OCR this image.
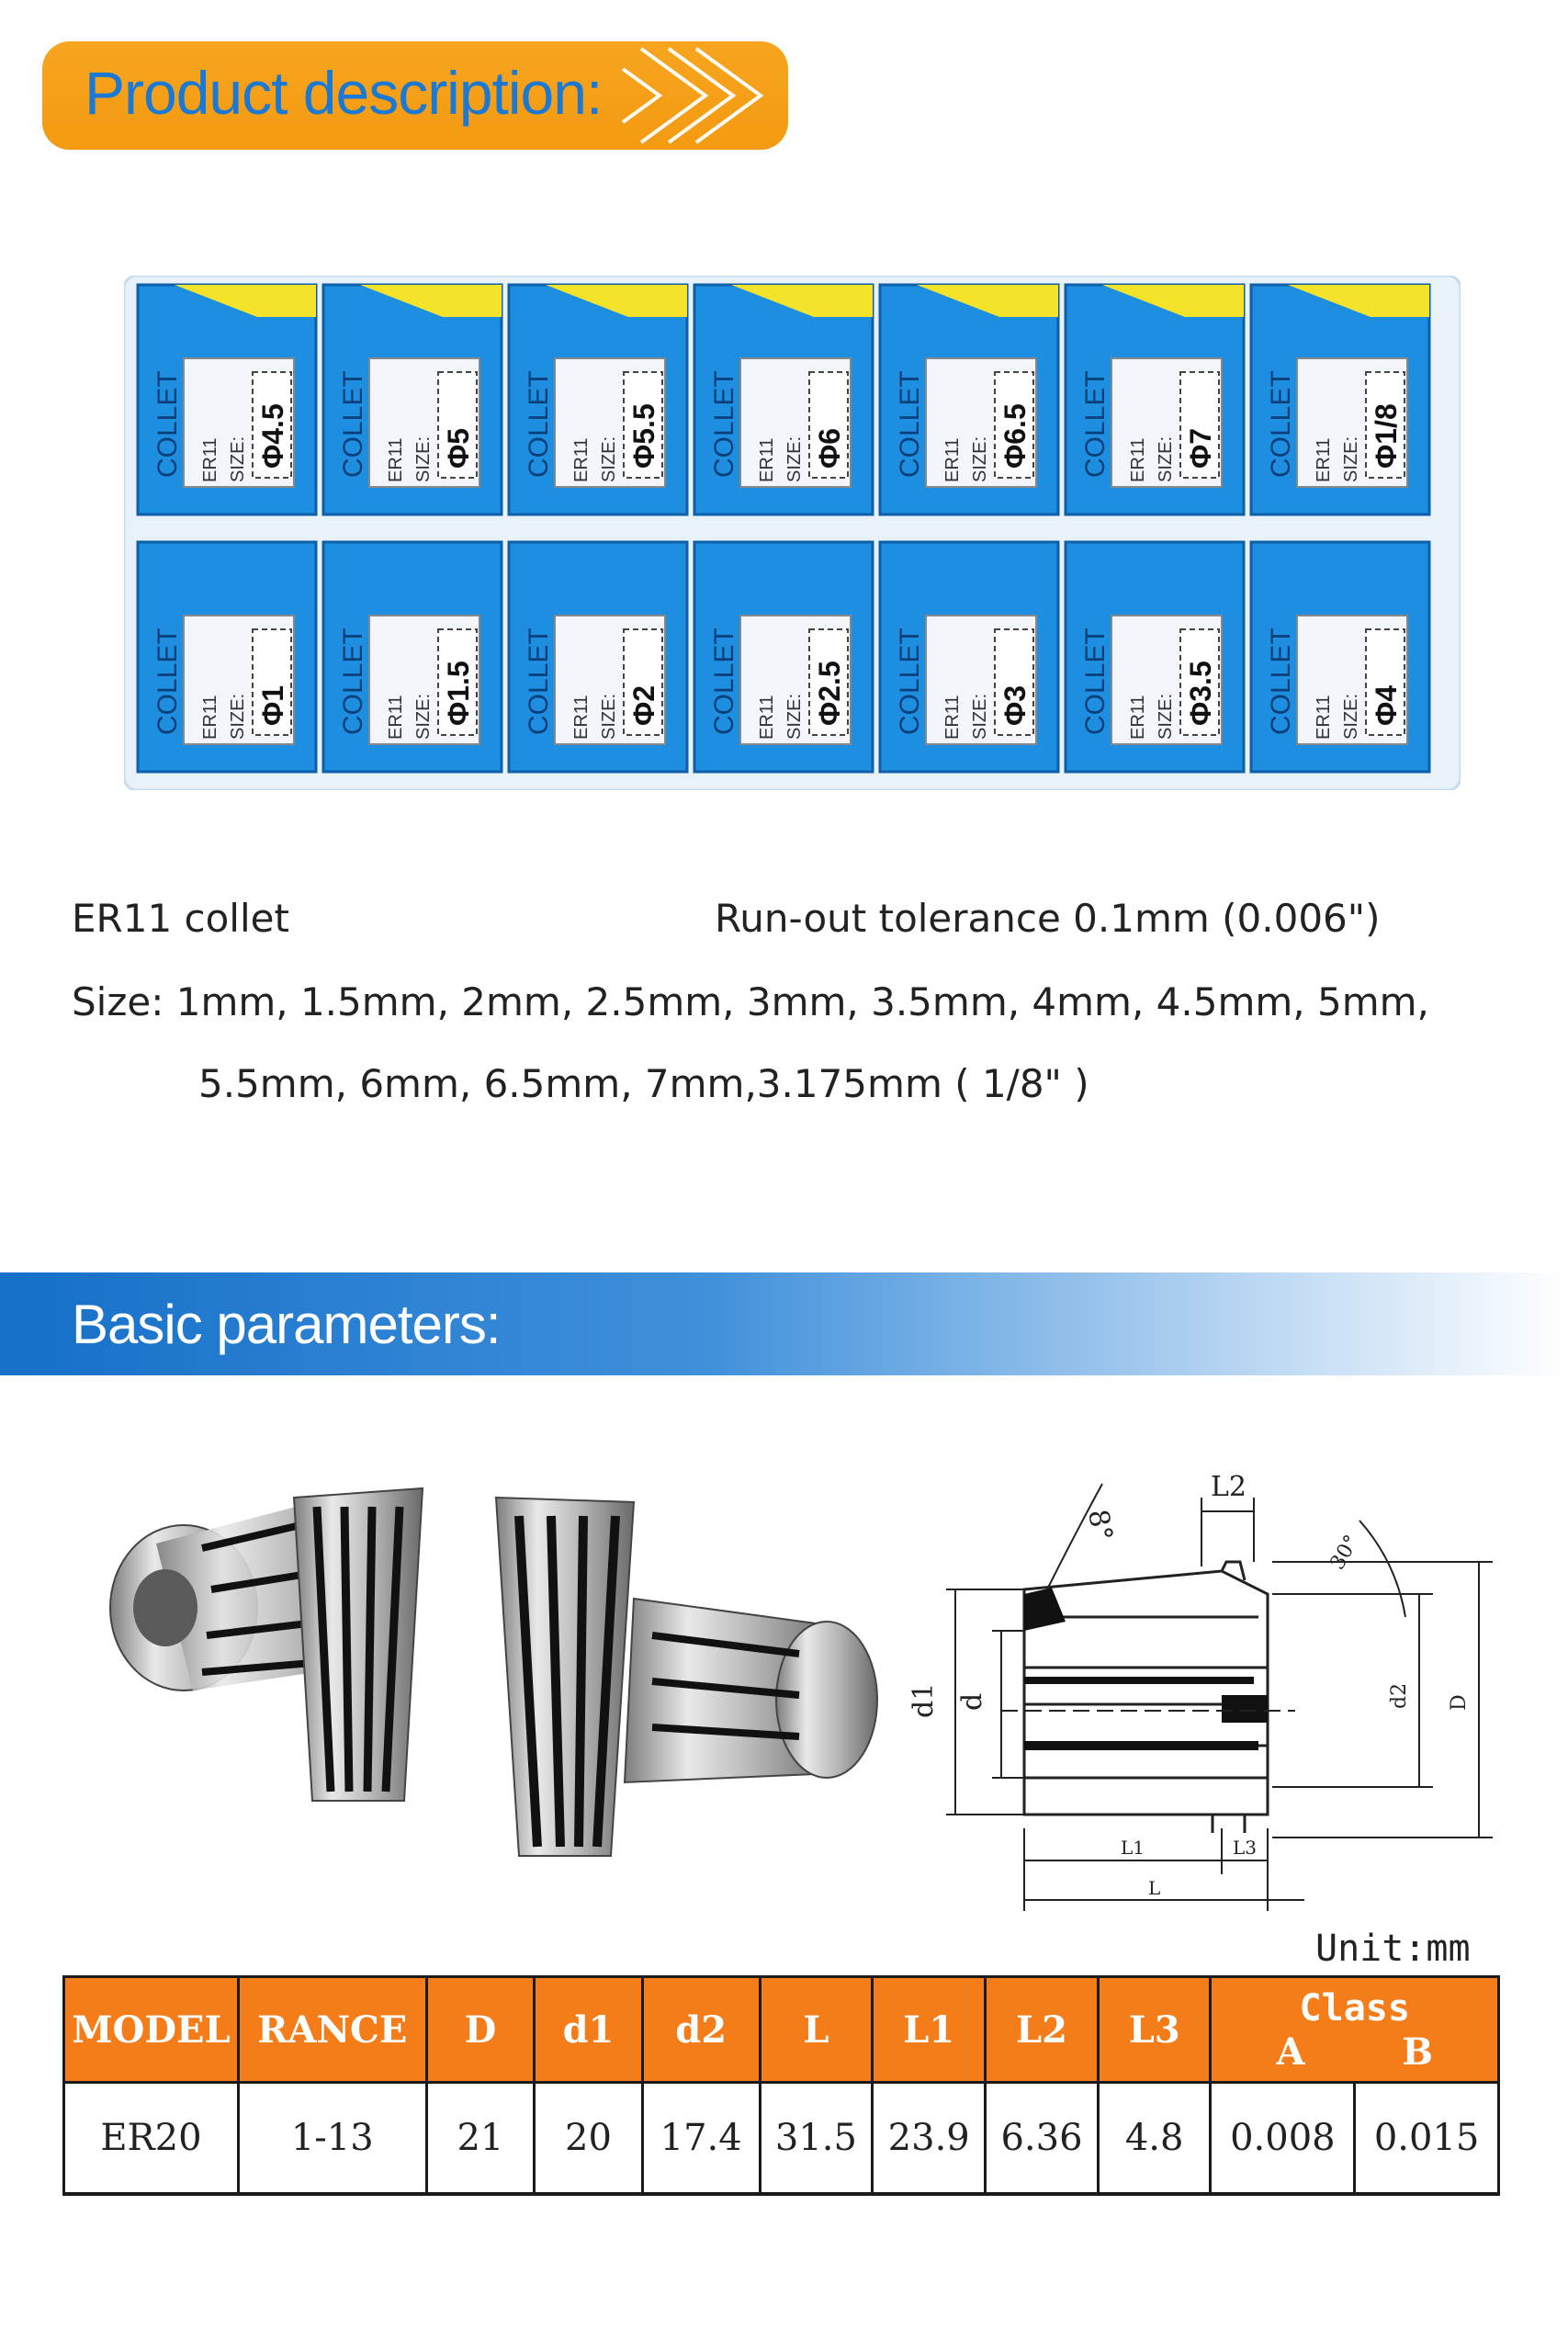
Product description:
COLLET ER11 SIZE: Φ4.5 COLLET ER11 SIZE: Φ5 COLLET ER11 SIZE: Φ5.5 COLLET ER11 SIZE: Φ6 COLLET ER11 SIZE: Φ6.5 COLLET ER11 SIZE: Φ7 COLLET ER11 SIZE: Φ1/8
COLLET ER11 SIZE: Φ1 COLLET ER11 SIZE: Φ1.5 COLLET ER11 SIZE: Φ2 COLLET ER11 SIZE: Φ2.5 COLLET ER11 SIZE: Φ3 COLLET ER11 SIZE: Φ3.5 COLLET ER11 SIZE: Φ4
ER11 collet	Run-out tolerance 0.1mm (0.006")
Size: 1mm, 1.5mm, 2mm, 2.5mm, 3mm, 3.5mm, 4mm, 4.5mm, 5mm,
5.5mm, 6mm, 6.5mm, 7mm,3.175mm ( 1/8" )
Basic parameters:
8°
30°
L2
d1 d	d2 D
L1	L3
L
Unit:mm
MODEL	RANCE	D	d1	d2	L	L1	L2	L3	Class
A B	

ER20	1-13	21	20	17.4	31.5	23.9	6.36	4.8	0.008	0.015
